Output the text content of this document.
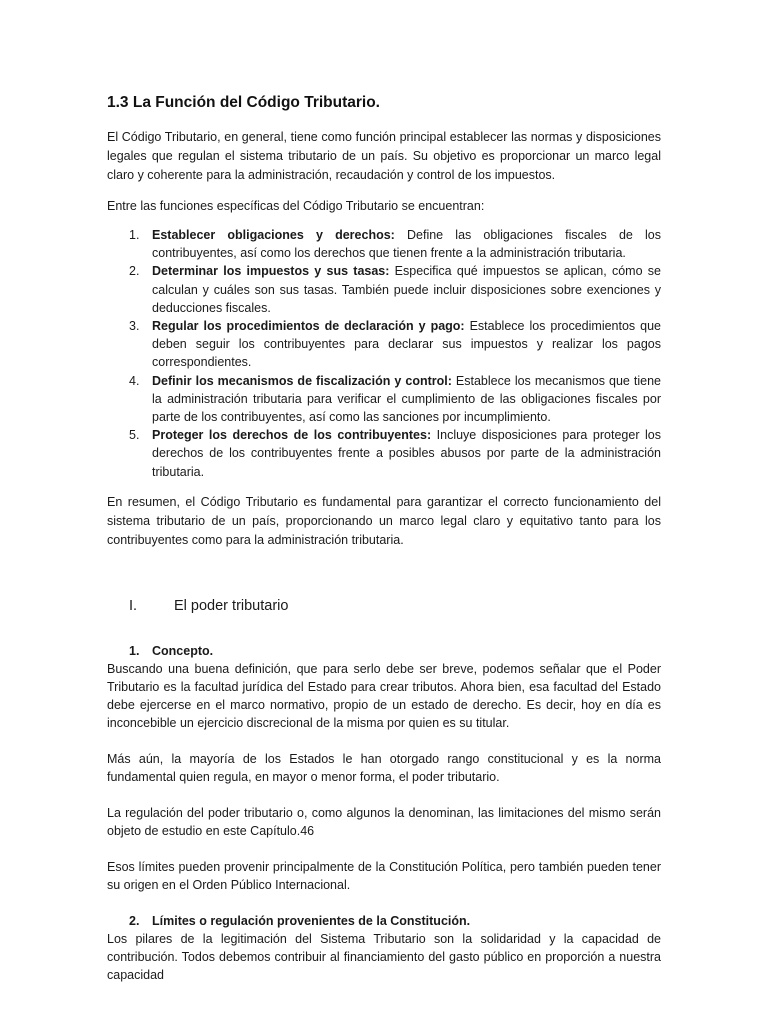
1.3 La Función del Código Tributario.

El Código Tributario, en general, tiene como función principal establecer las normas y disposiciones legales que regulan el sistema tributario de un país. Su objetivo es proporcionar un marco legal claro y coherente para la administración, recaudación y control de los impuestos.

Entre las funciones específicas del Código Tributario se encuentran:

1. Establecer obligaciones y derechos: Define las obligaciones fiscales de los contribuyentes, así como los derechos que tienen frente a la administración tributaria.
2. Determinar los impuestos y sus tasas: Especifica qué impuestos se aplican, cómo se calculan y cuáles son sus tasas. También puede incluir disposiciones sobre exenciones y deducciones fiscales.
3. Regular los procedimientos de declaración y pago: Establece los procedimientos que deben seguir los contribuyentes para declarar sus impuestos y realizar los pagos correspondientes.
4. Definir los mecanismos de fiscalización y control: Establece los mecanismos que tiene la administración tributaria para verificar el cumplimiento de las obligaciones fiscales por parte de los contribuyentes, así como las sanciones por incumplimiento.
5. Proteger los derechos de los contribuyentes: Incluye disposiciones para proteger los derechos de los contribuyentes frente a posibles abusos por parte de la administración tributaria.

En resumen, el Código Tributario es fundamental para garantizar el correcto funcionamiento del sistema tributario de un país, proporcionando un marco legal claro y equitativo tanto para los contribuyentes como para la administración tributaria.

I.	El poder tributario
1. Concepto.

Buscando una buena definición, que para serlo debe ser breve, podemos señalar que el Poder Tributario es la facultad jurídica del Estado para crear tributos. Ahora bien, esa facultad del Estado debe ejercerse en el marco normativo, propio de un estado de derecho. Es decir, hoy en día es inconcebible un ejercicio discrecional de la misma por quien es su titular.

Más aún, la mayoría de los Estados le han otorgado rango constitucional y es la norma fundamental quien regula, en mayor o menor forma, el poder tributario.

La regulación del poder tributario o, como algunos la denominan, las limitaciones del mismo serán objeto de estudio en este Capítulo.46

Esos límites pueden provenir principalmente de la Constitución Política, pero también pueden tener su origen en el Orden Público Internacional.

2. Límites o regulación provenientes de la Constitución.

Los pilares de la legitimación del Sistema Tributario son la solidaridad y la capacidad de contribución. Todos debemos contribuir al financiamiento del gasto público en proporción a nuestra capacidad
